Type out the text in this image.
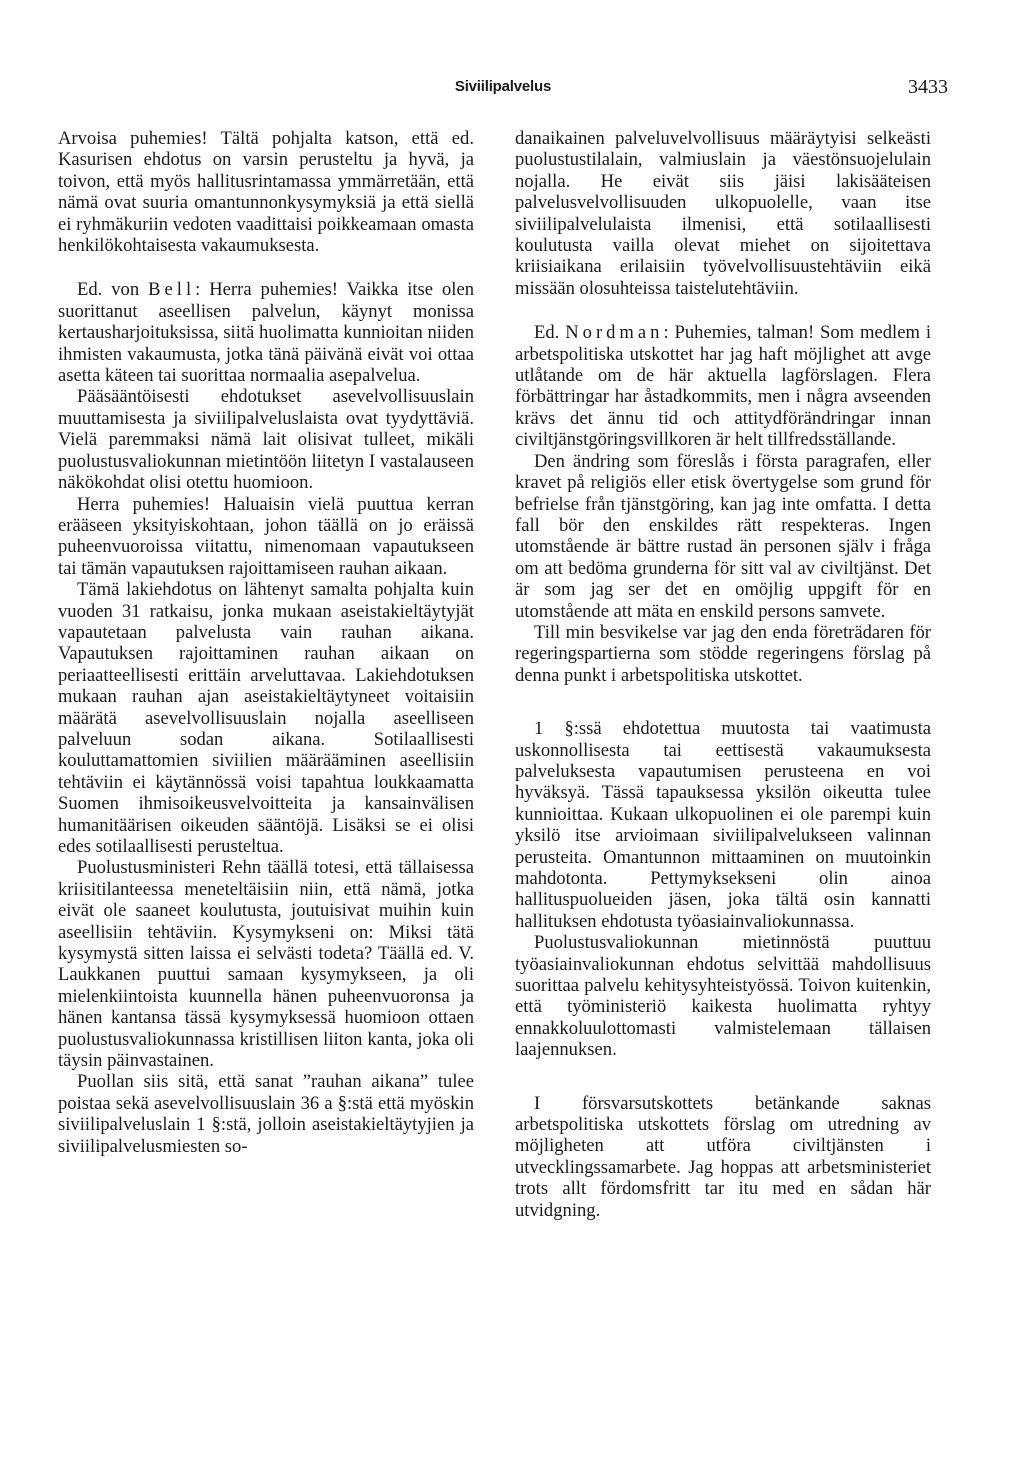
Siviilipalvelus	3433

Arvoisa puhemies! Tältä pohjalta katson, että ed. Kasurisen ehdotus on varsin perusteltu ja hyvä, ja toivon, että myös hallitusrintamassa ymmärretään, että nämä ovat suuria omantunnonkysymyksiä ja että siellä ei ryhmäkuriin vedoten vaadittaisi poikkeamaan omasta henkilökohtaisesta vakaumuksesta.

Ed. von Bell: Herra puhemies! Vaikka itse olen suorittanut aseellisen palvelun, käynyt monissa kertausharjoituksissa, siitä huolimatta kunnioitan niiden ihmisten vakaumusta, jotka tänä päivänä eivät voi ottaa asetta käteen tai suorittaa normaalia asepalvelua.

Pääsääntöisesti ehdotukset asevelvollisuuslain muuttamisesta ja siviilipalveluslaista ovat tyydyttäviä. Vielä paremmaksi nämä lait olisivat tulleet, mikäli puolustusvaliokunnan mietintöön liitetyn I vastalauseen näkökohdat olisi otettu huomioon.

Herra puhemies! Haluaisin vielä puuttua kerran erääseen yksityiskohtaan, johon täällä on jo eräissä puheenvuoroissa viitattu, nimenomaan vapautukseen tai tämän vapautuksen rajoittamiseen rauhan aikaan.

Tämä lakiehdotus on lähtenyt samalta pohjalta kuin vuoden 31 ratkaisu, jonka mukaan aseistakieltäytyjät vapautetaan palvelusta vain rauhan aikana. Vapautuksen rajoittaminen rauhan aikaan on periaatteellisesti erittäin arveluttavaa. Lakiehdotuksen mukaan rauhan ajan aseistakieltäytyneet voitaisiin määrätä asevelvollisuuslain nojalla aseelliseen palveluun sodan aikana. Sotilaallisesti kouluttamattomien siviilien määrääminen aseellisiin tehtäviin ei käytännössä voisi tapahtua loukkaamatta Suomen ihmisoikeusvelvoitteita ja kansainvälisen humanitäärisen oikeuden sääntöjä. Lisäksi se ei olisi edes sotilaallisesti perusteltua.

Puolustusministeri Rehn täällä totesi, että tällaisessa kriisitilanteessa meneteltäisiin niin, että nämä, jotka eivät ole saaneet koulutusta, joutuisivat muihin kuin aseellisiin tehtäviin. Kysymykseni on: Miksi tätä kysymystä sitten laissa ei selvästi todeta? Täällä ed. V. Laukkanen puuttui samaan kysymykseen, ja oli mielenkiintoista kuunnella hänen puheenvuoronsa ja hänen kantansa tässä kysymyksessä huomioon ottaen puolustusvaliokunnassa kristillisen liiton kanta, joka oli täysin päinvastainen.

Puollan siis sitä, että sanat ”rauhan aikana” tulee poistaa sekä asevelvollisuuslain 36 a §:stä että myöskin siviilipalveluslain 1 §:stä, jolloin aseistakieltäytyjien ja siviilipalvelusmiesten so-

danaikainen palveluvelvollisuus määräytyisi selkeästi puolustustilalain, valmiuslain ja väestönsuojelulain nojalla. He eivät siis jäisi lakisääteisen palvelusvelvollisuuden ulkopuolelle, vaan itse siviilipalvelulaista ilmenisi, että sotilaallisesti koulutusta vailla olevat miehet on sijoitettava kriisiaikana erilaisiin työvelvollisuustehtäviin eikä missään olosuhteissa taistelutehtäviin.

Ed. Nordman: Puhemies, talman! Som medlem i arbetspolitiska utskottet har jag haft möjlighet att avge utlåtande om de här aktuella lagförslagen. Flera förbättringar har åstadkommits, men i några avseenden krävs det ännu tid och attitydförändringar innan civiltjänstgöringsvillkoren är helt tillfredsställande.

Den ändring som föreslås i första paragrafen, eller kravet på religiös eller etisk övertygelse som grund för befrielse från tjänstgöring, kan jag inte omfatta. I detta fall bör den enskildes rätt respekteras. Ingen utomstående är bättre rustad än personen själv i fråga om att bedöma grunderna för sitt val av civiltjänst. Det är som jag ser det en omöjlig uppgift för en utomstående att mäta en enskild persons samvete.

Till min besvikelse var jag den enda företrädaren för regeringspartierna som stödde regeringens förslag på denna punkt i arbetspolitiska utskottet.

1 §:ssä ehdotettua muutosta tai vaatimusta uskonnollisesta tai eettisestä vakaumuksesta palveluksesta vapautumisen perusteena en voi hyväksyä. Tässä tapauksessa yksilön oikeutta tulee kunnioittaa. Kukaan ulkopuolinen ei ole parempi kuin yksilö itse arvioimaan siviilipalvelukseen valinnan perusteita. Omantunnon mittaaminen on muutoinkin mahdotonta. Pettymyksekseni olin ainoa hallituspuolueiden jäsen, joka tältä osin kannatti hallituksen ehdotusta työasiainvaliokunnassa.

Puolustusvaliokunnan mietinnöstä puuttuu työasiainvaliokunnan ehdotus selvittää mahdollisuus suorittaa palvelu kehitysyhteistyössä. Toivon kuitenkin, että työministeriö kaikesta huolimatta ryhtyy ennakkoluulottomasti valmistelemaan tällaisen laajennuksen.

I försvarsutskottets betänkande saknas arbetspolitiska utskottets förslag om utredning av möjligheten att utföra civiltjänsten i utvecklingssamarbete. Jag hoppas att arbetsministeriet trots allt fördomsfritt tar itu med en sådan här utvidgning.
